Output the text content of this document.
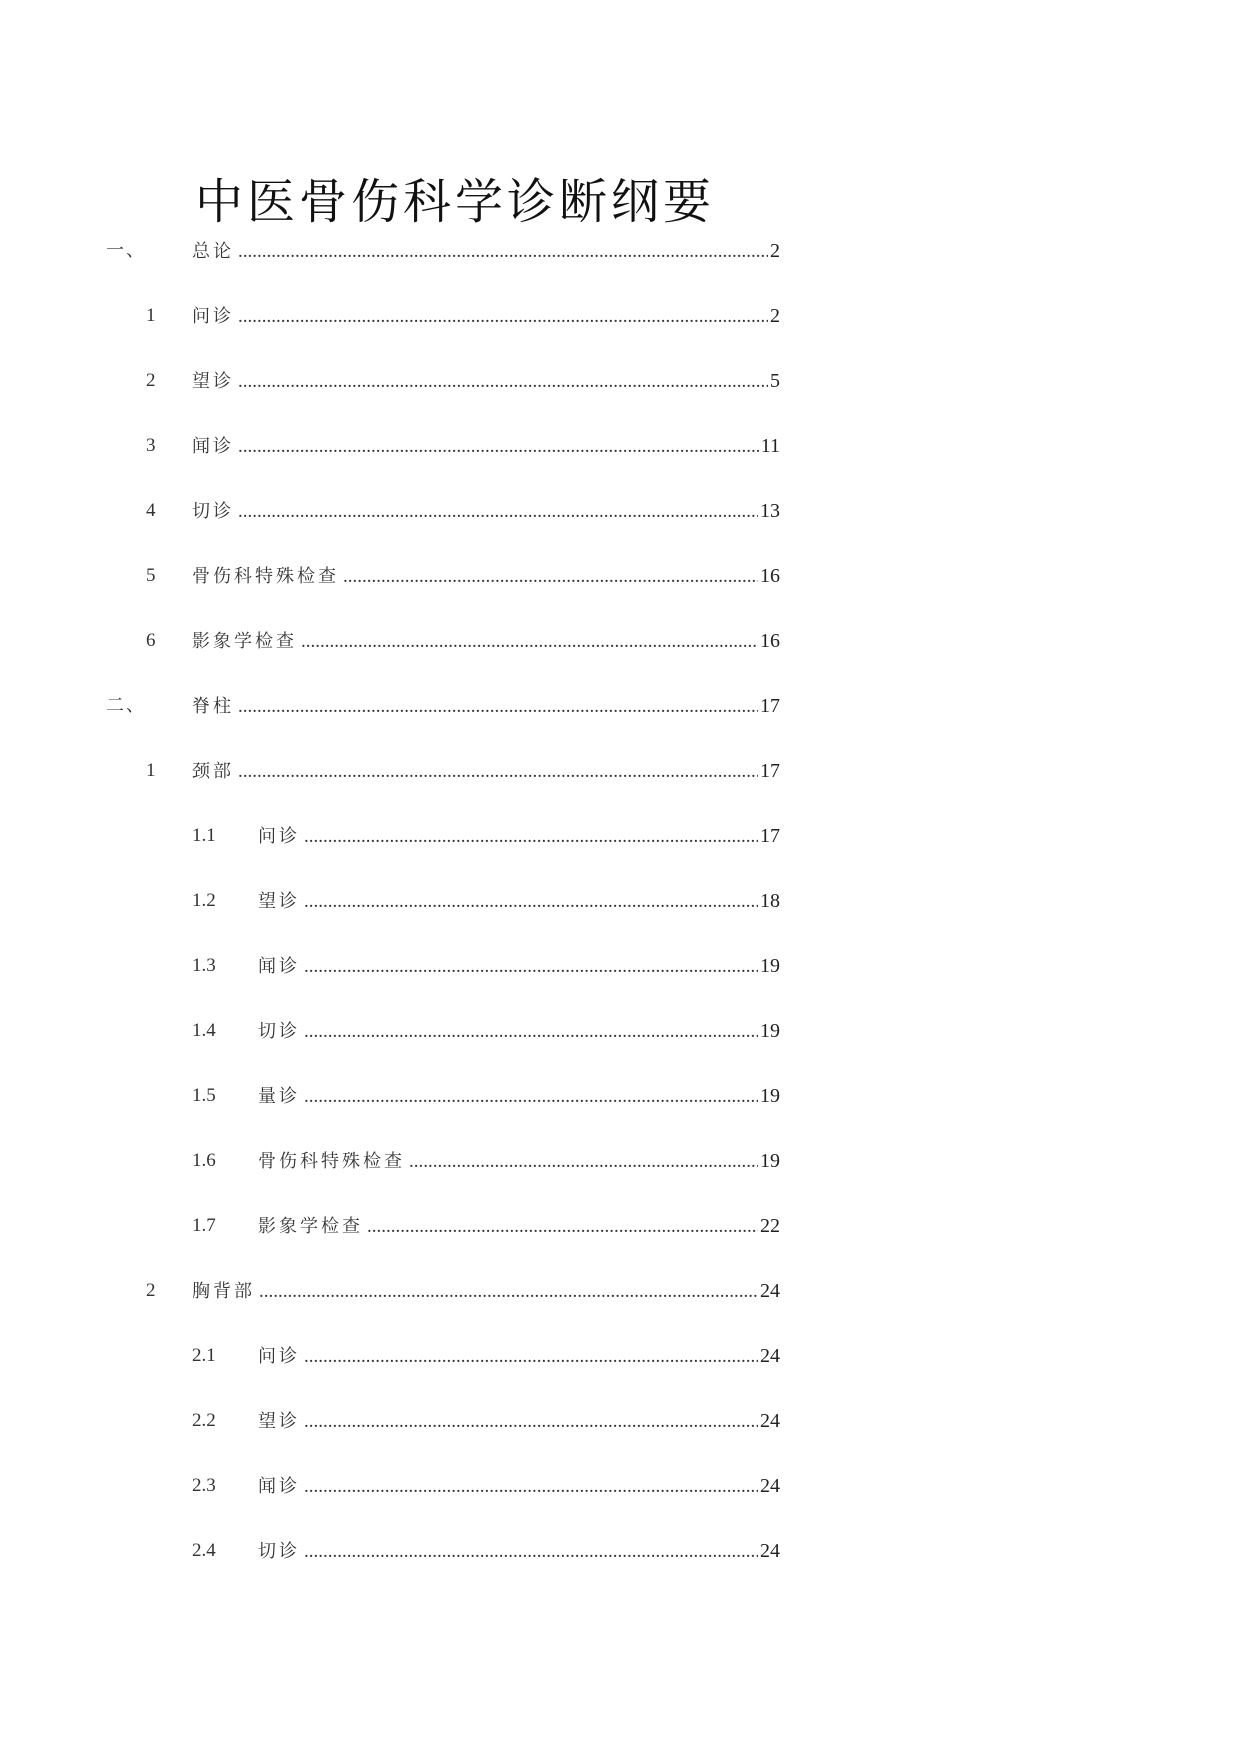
中医骨伤科学诊断纲要
一、	总论 .....	2
1 问诊 .....	2
2 望诊 .....	5
3 闻诊 .....	11
4 切诊 .....	13
5 骨伤科特殊检查 .....	16
6 影象学检查 .....	16
二、	脊柱 .....	17
1 颈部 .....	17
1.1 问诊 .....	17
1.2 望诊 .....	18
1.3 闻诊 .....	19
1.4 切诊 .....	19
1.5 量诊 .....	19
1.6 骨伤科特殊检查 .....	19
1.7 影象学检查 .....	22
2 胸背部 .....	24
2.1 问诊 .....	24
2.2 望诊 .....	24
2.3 闻诊 .....	24
2.4 切诊 .....	24
